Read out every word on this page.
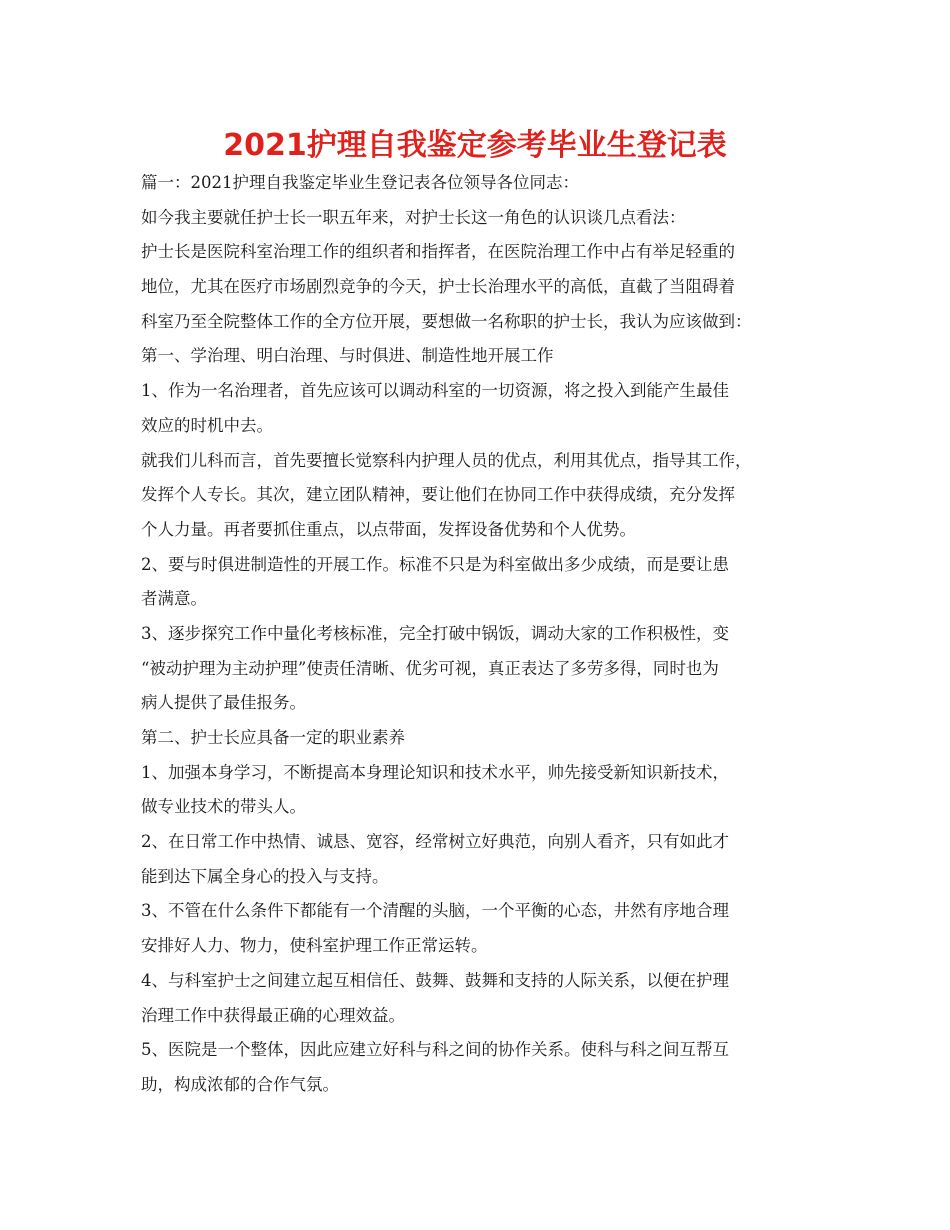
2021护理自我鉴定参考毕业生登记表
篇一：2021护理自我鉴定毕业生登记表各位领导各位同志：
如今我主要就任护士长一职五年来，对护士长这一角色的认识谈几点看法：
护士长是医院科室治理工作的组织者和指挥者，在医院治理工作中占有举足轻重的
地位，尤其在医疗市场剧烈竞争的今天，护士长治理水平的高低，直截了当阻碍着
科室乃至全院整体工作的全方位开展，要想做一名称职的护士长，我认为应该做到：
第一、学治理、明白治理、与时俱进、制造性地开展工作
1、作为一名治理者，首先应该可以调动科室的一切资源，将之投入到能产生最佳
效应的时机中去。
就我们儿科而言，首先要擅长觉察科内护理人员的优点，利用其优点，指导其工作，
发挥个人专长。其次，建立团队精神，要让他们在协同工作中获得成绩，充分发挥
个人力量。再者要抓住重点，以点带面，发挥设备优势和个人优势。
2、要与时俱进制造性的开展工作。标准不只是为科室做出多少成绩，而是要让患
者满意。
3、逐步探究工作中量化考核标准，完全打破中锅饭，调动大家的工作积极性，变
“被动护理为主动护理”使责任清晰、优劣可视，真正表达了多劳多得，同时也为
病人提供了最佳报务。
第二、护士长应具备一定的职业素养
1、加强本身学习，不断提高本身理论知识和技术水平，帅先接受新知识新技术，
做专业技术的带头人。
2、在日常工作中热情、诚恳、宽容，经常树立好典范，向别人看齐，只有如此才
能到达下属全身心的投入与支持。
3、不管在什么条件下都能有一个清醒的头脑，一个平衡的心态，井然有序地合理
安排好人力、物力，使科室护理工作正常运转。
4、与科室护士之间建立起互相信任、鼓舞、鼓舞和支持的人际关系，以便在护理
治理工作中获得最正确的心理效益。
5、医院是一个整体，因此应建立好科与科之间的协作关系。使科与科之间互帮互
助，构成浓郁的合作气氛。
